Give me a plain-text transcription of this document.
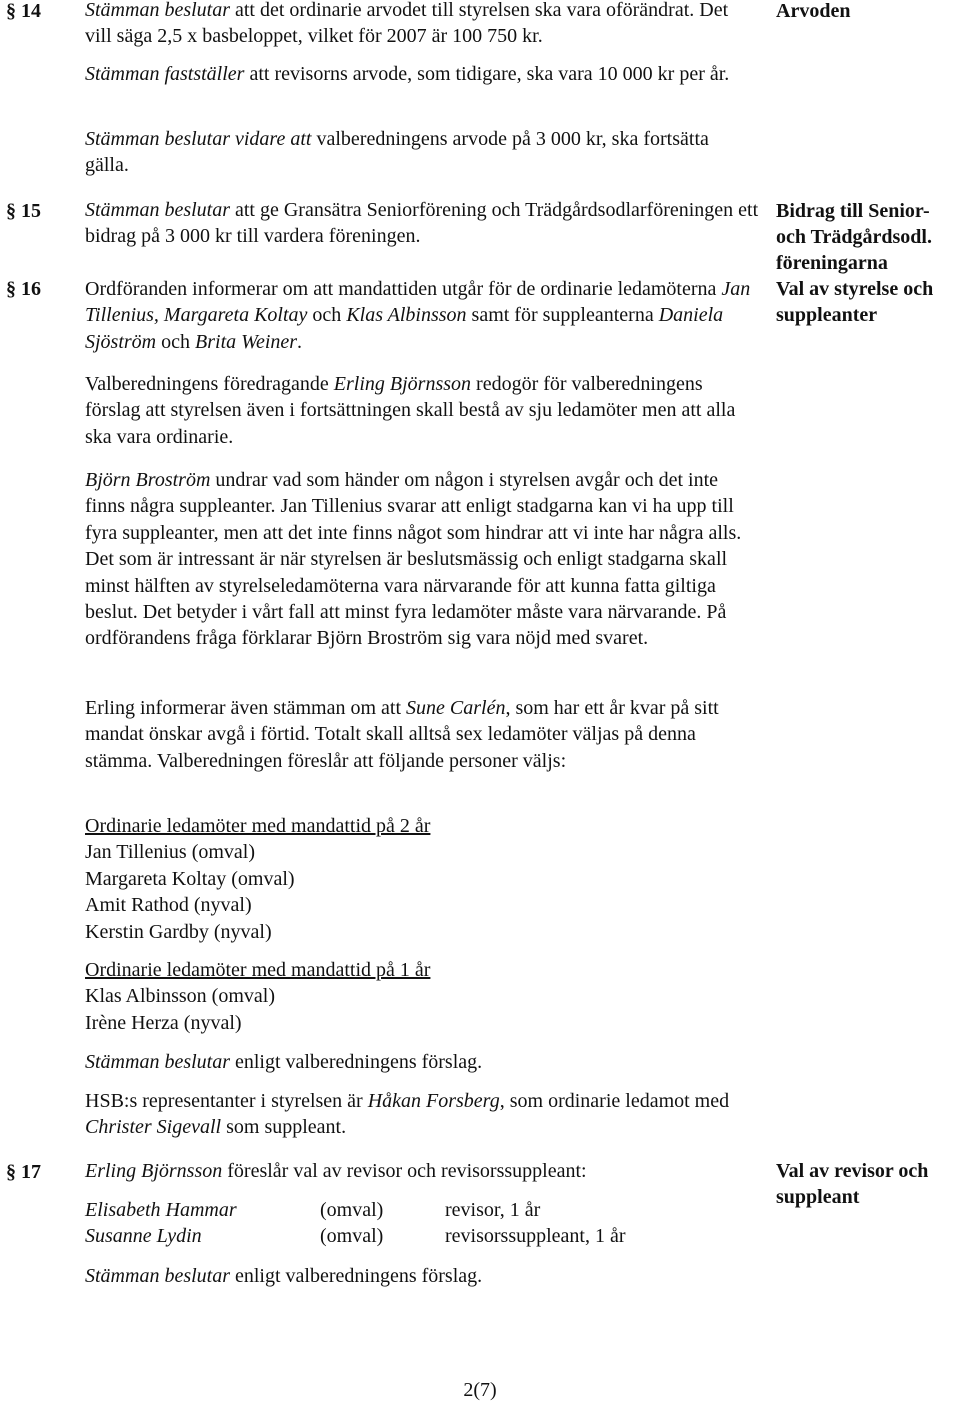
§ 14	Arvoden

Stämman beslutar att det ordinarie arvodet till styrelsen ska vara oförändrat. Det vill säga 2,5 x basbeloppet, vilket för 2007 är 100 750 kr.

Stämman fastställer att revisorns arvode, som tidigare, ska vara 10 000 kr per år.

Stämman beslutar vidare att valberedningens arvode på 3 000 kr, ska fortsätta gälla.

§ 15	Bidrag till Senior- och Trädgårdsodl. föreningarna

Stämman beslutar att ge Gransätra Seniorförening och Trädgårdsodlarföreningen ett bidrag på 3 000 kr till vardera föreningen.

§ 16	Val av styrelse och suppleanter

Ordföranden informerar om att mandattiden utgår för de ordinarie ledamöterna Jan Tillenius, Margareta Koltay och Klas Albinsson samt för suppleanterna Daniela Sjöström och Brita Weiner.

Valberedningens föredragande Erling Björnsson redogör för valberedningens förslag att styrelsen även i fortsättningen skall bestå av sju ledamöter men att alla ska vara ordinarie.

Björn Broström undrar vad som händer om någon i styrelsen avgår och det inte finns några suppleanter. Jan Tillenius svarar att enligt stadgarna kan vi ha upp till fyra suppleanter, men att det inte finns något som hindrar att vi inte har några alls. Det som är intressant är när styrelsen är beslutsmässig och enligt stadgarna skall minst hälften av styrelseledamöterna vara närvarande för att kunna fatta giltiga beslut. Det betyder i vårt fall att minst fyra ledamöter måste vara närvarande. På ordförandens fråga förklarar Björn Broström sig vara nöjd med svaret.

Erling informerar även stämman om att Sune Carlén, som har ett år kvar på sitt mandat önskar avgå i förtid. Totalt skall alltså sex ledamöter väljas på denna stämma. Valberedningen föreslår att följande personer väljs:

Ordinarie ledamöter med mandattid på 2 år
Jan Tillenius (omval)
Margareta Koltay (omval)
Amit Rathod (nyval)
Kerstin Gardby (nyval)
Ordinarie ledamöter med mandattid på 1 år
Klas Albinsson (omval)
Irène Herza (nyval)

Stämman beslutar enligt valberedningens förslag.

HSB:s representanter i styrelsen är Håkan Forsberg, som ordinarie ledamot med Christer Sigevall som suppleant.

§ 17	Val av revisor och suppleant

Erling Björnsson föreslår val av revisor och revisorssuppleant:

Elisabeth Hammar	(omval)	revisor, 1 år
Susanne Lydin	(omval)	revisorssuppleant, 1 år

Stämman beslutar enligt valberedningens förslag.

2(7)
